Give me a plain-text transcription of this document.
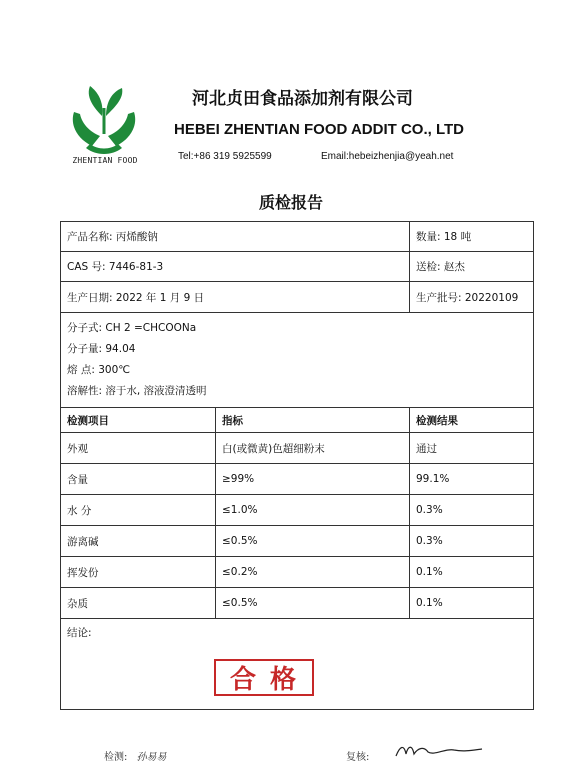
ZHENTIAN FOOD
河北贞田食品添加剂有限公司
HEBEI ZHENTIAN FOOD ADDIT CO., LTD
Tel:+86 319 5925599	Email:hebeizhenjia@yeah.net
质检报告
产品名称: 丙烯酸钠		数量: 18 吨
CAS 号: 7446-81-3		送检: 赵杰
生产日期: 2022 年 1 月 9 日		生产批号: 20220109

分子式: CH 2 =CHCOONa
分子量: 94.04
熔 点: 300℃
溶解性: 溶于水, 溶液澄清透明		

检测项目	指标	检测结果
外观	白(或微黄)色超细粉末	通过
含量	≥99%	99.1%
水 分	≤1.0%	0.3%
游离碱	≤0.5%	0.3%
挥发份	≤0.2%	0.1%
杂质	≤0.5%	0.1%
结论:
合格		
检测: 孙易易	复核:
